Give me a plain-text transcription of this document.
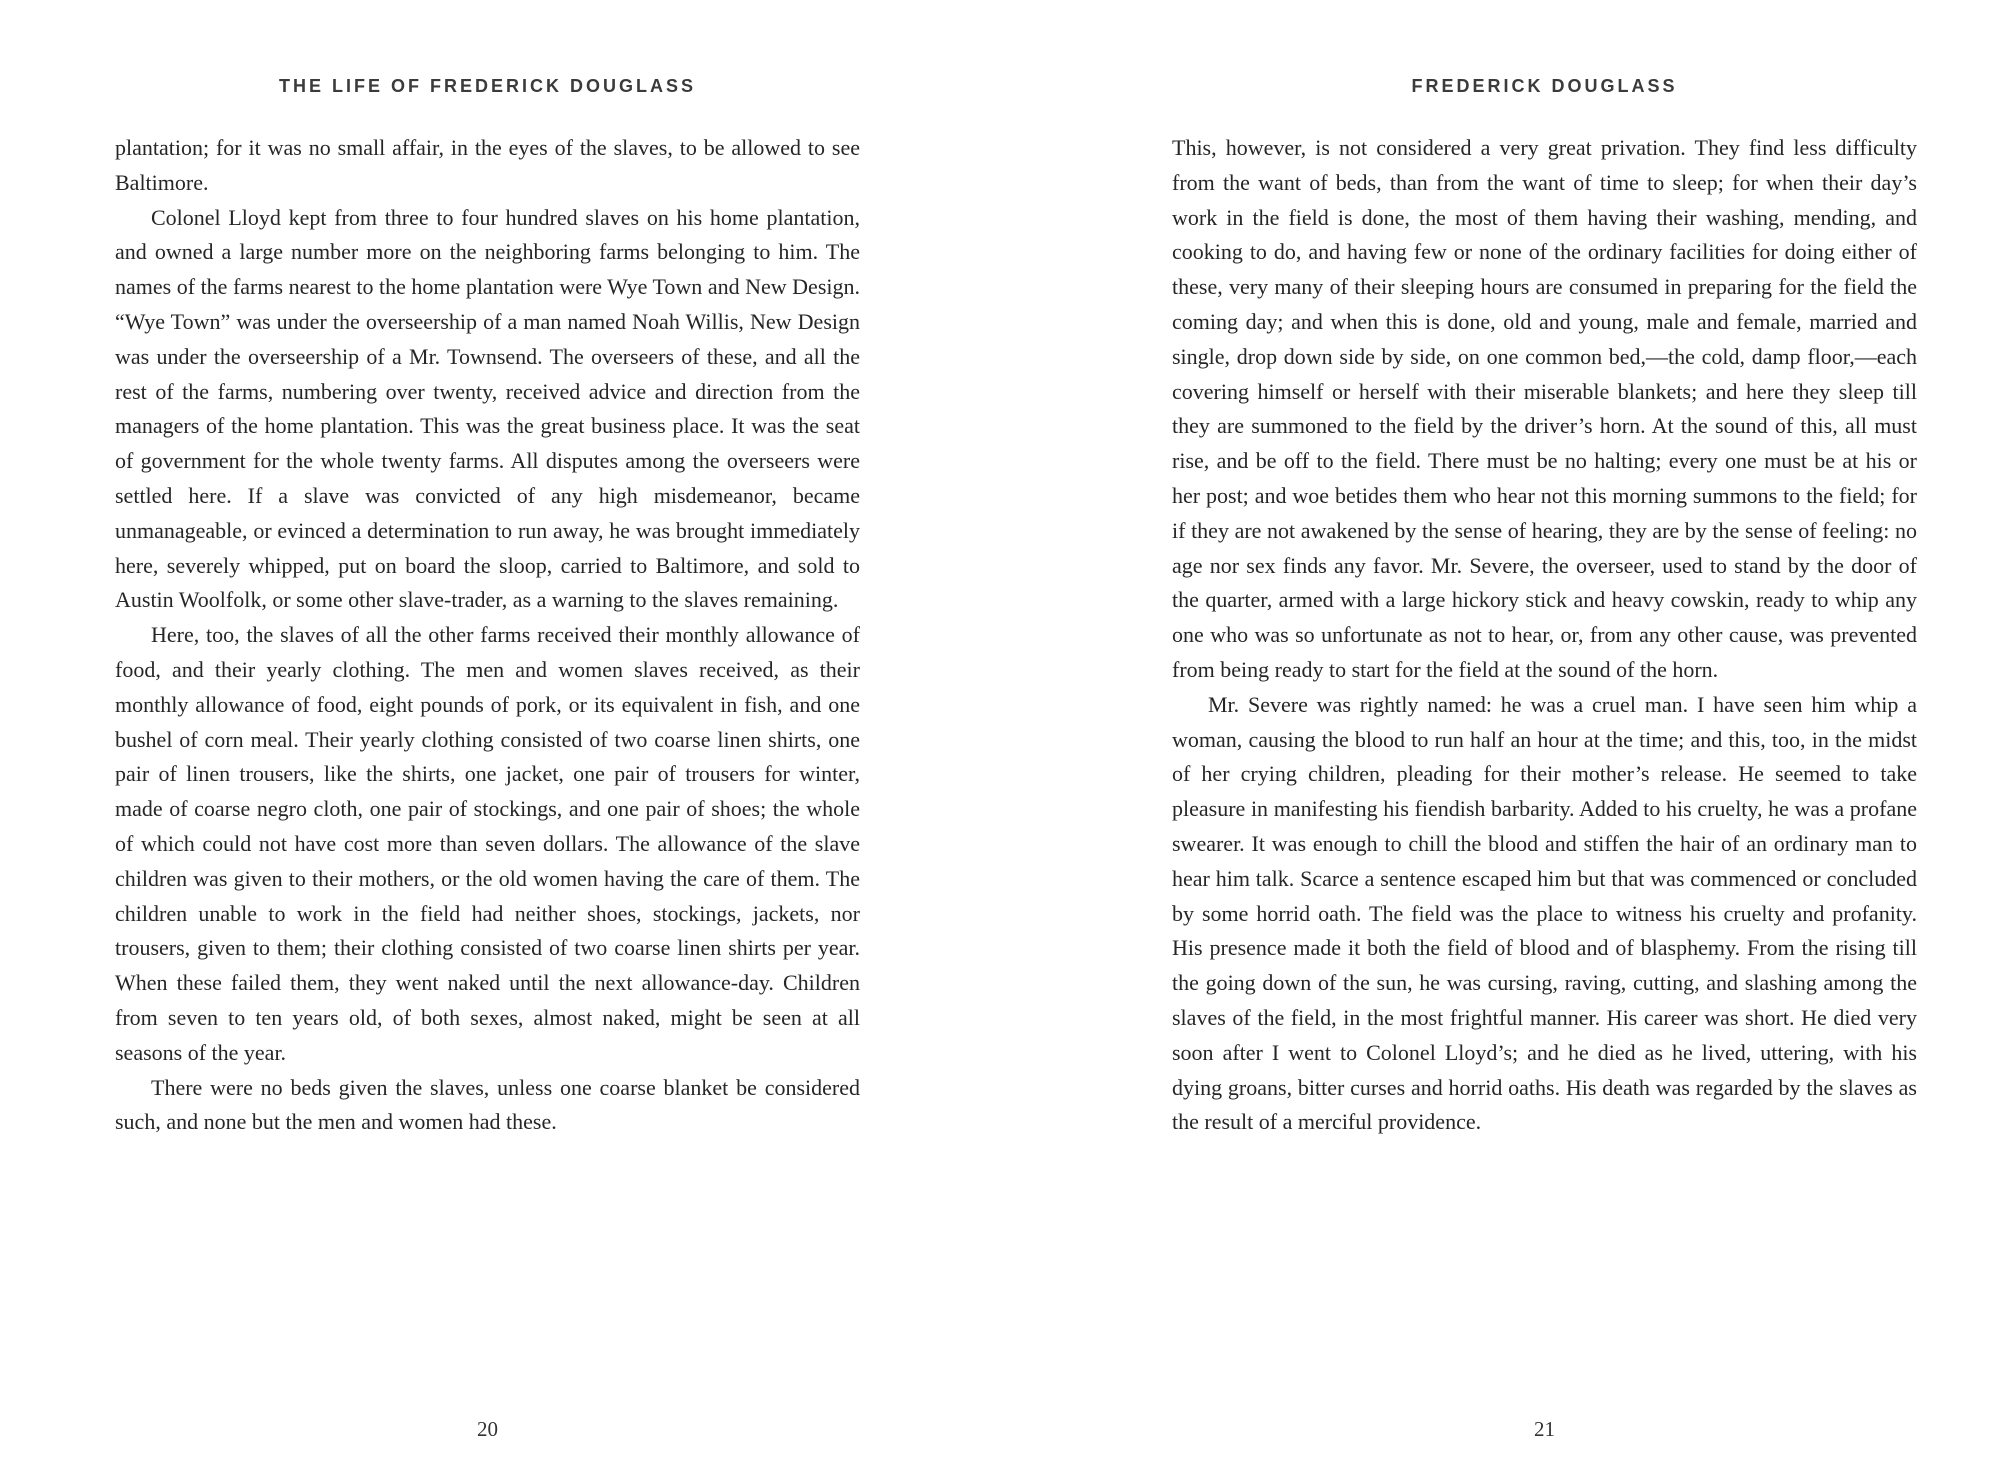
THE LIFE OF FREDERICK DOUGLASS

plantation; for it was no small affair, in the eyes of the slaves, to be allowed to see Baltimore.

Colonel Lloyd kept from three to four hundred slaves on his home plantation, and owned a large number more on the neighboring farms belonging to him. The names of the farms nearest to the home plantation were Wye Town and New Design. “Wye Town” was under the overseership of a man named Noah Willis, New Design was under the overseership of a Mr. Townsend. The overseers of these, and all the rest of the farms, numbering over twenty, received advice and direction from the managers of the home plantation. This was the great business place. It was the seat of government for the whole twenty farms. All disputes among the overseers were settled here. If a slave was convicted of any high misdemeanor, became unmanageable, or evinced a determination to run away, he was brought immediately here, severely whipped, put on board the sloop, carried to Baltimore, and sold to Austin Woolfolk, or some other slave-trader, as a warning to the slaves remaining.

Here, too, the slaves of all the other farms received their monthly allowance of food, and their yearly clothing. The men and women slaves received, as their monthly allowance of food, eight pounds of pork, or its equivalent in fish, and one bushel of corn meal. Their yearly clothing consisted of two coarse linen shirts, one pair of linen trousers, like the shirts, one jacket, one pair of trousers for winter, made of coarse negro cloth, one pair of stockings, and one pair of shoes; the whole of which could not have cost more than seven dollars. The allowance of the slave children was given to their mothers, or the old women having the care of them. The children unable to work in the field had neither shoes, stockings, jackets, nor trousers, given to them; their clothing consisted of two coarse linen shirts per year. When these failed them, they went naked until the next allowance-day. Children from seven to ten years old, of both sexes, almost naked, might be seen at all seasons of the year.

There were no beds given the slaves, unless one coarse blanket be considered such, and none but the men and women had these.

20
FREDERICK DOUGLASS

This, however, is not considered a very great privation. They find less difficulty from the want of beds, than from the want of time to sleep; for when their day’s work in the field is done, the most of them having their washing, mending, and cooking to do, and having few or none of the ordinary facilities for doing either of these, very many of their sleeping hours are consumed in preparing for the field the coming day; and when this is done, old and young, male and female, married and single, drop down side by side, on one common bed,—the cold, damp floor,—each covering himself or herself with their miserable blankets; and here they sleep till they are summoned to the field by the driver’s horn. At the sound of this, all must rise, and be off to the field. There must be no halting; every one must be at his or her post; and woe betides them who hear not this morning summons to the field; for if they are not awakened by the sense of hearing, they are by the sense of feeling: no age nor sex finds any favor. Mr. Severe, the overseer, used to stand by the door of the quarter, armed with a large hickory stick and heavy cowskin, ready to whip any one who was so unfortunate as not to hear, or, from any other cause, was prevented from being ready to start for the field at the sound of the horn.

Mr. Severe was rightly named: he was a cruel man. I have seen him whip a woman, causing the blood to run half an hour at the time; and this, too, in the midst of her crying children, pleading for their mother’s release. He seemed to take pleasure in manifesting his fiendish barbarity. Added to his cruelty, he was a profane swearer. It was enough to chill the blood and stiffen the hair of an ordinary man to hear him talk. Scarce a sentence escaped him but that was commenced or concluded by some horrid oath. The field was the place to witness his cruelty and profanity. His presence made it both the field of blood and of blasphemy. From the rising till the going down of the sun, he was cursing, raving, cutting, and slashing among the slaves of the field, in the most frightful manner. His career was short. He died very soon after I went to Colonel Lloyd’s; and he died as he lived, uttering, with his dying groans, bitter curses and horrid oaths. His death was regarded by the slaves as the result of a merciful providence.

21
